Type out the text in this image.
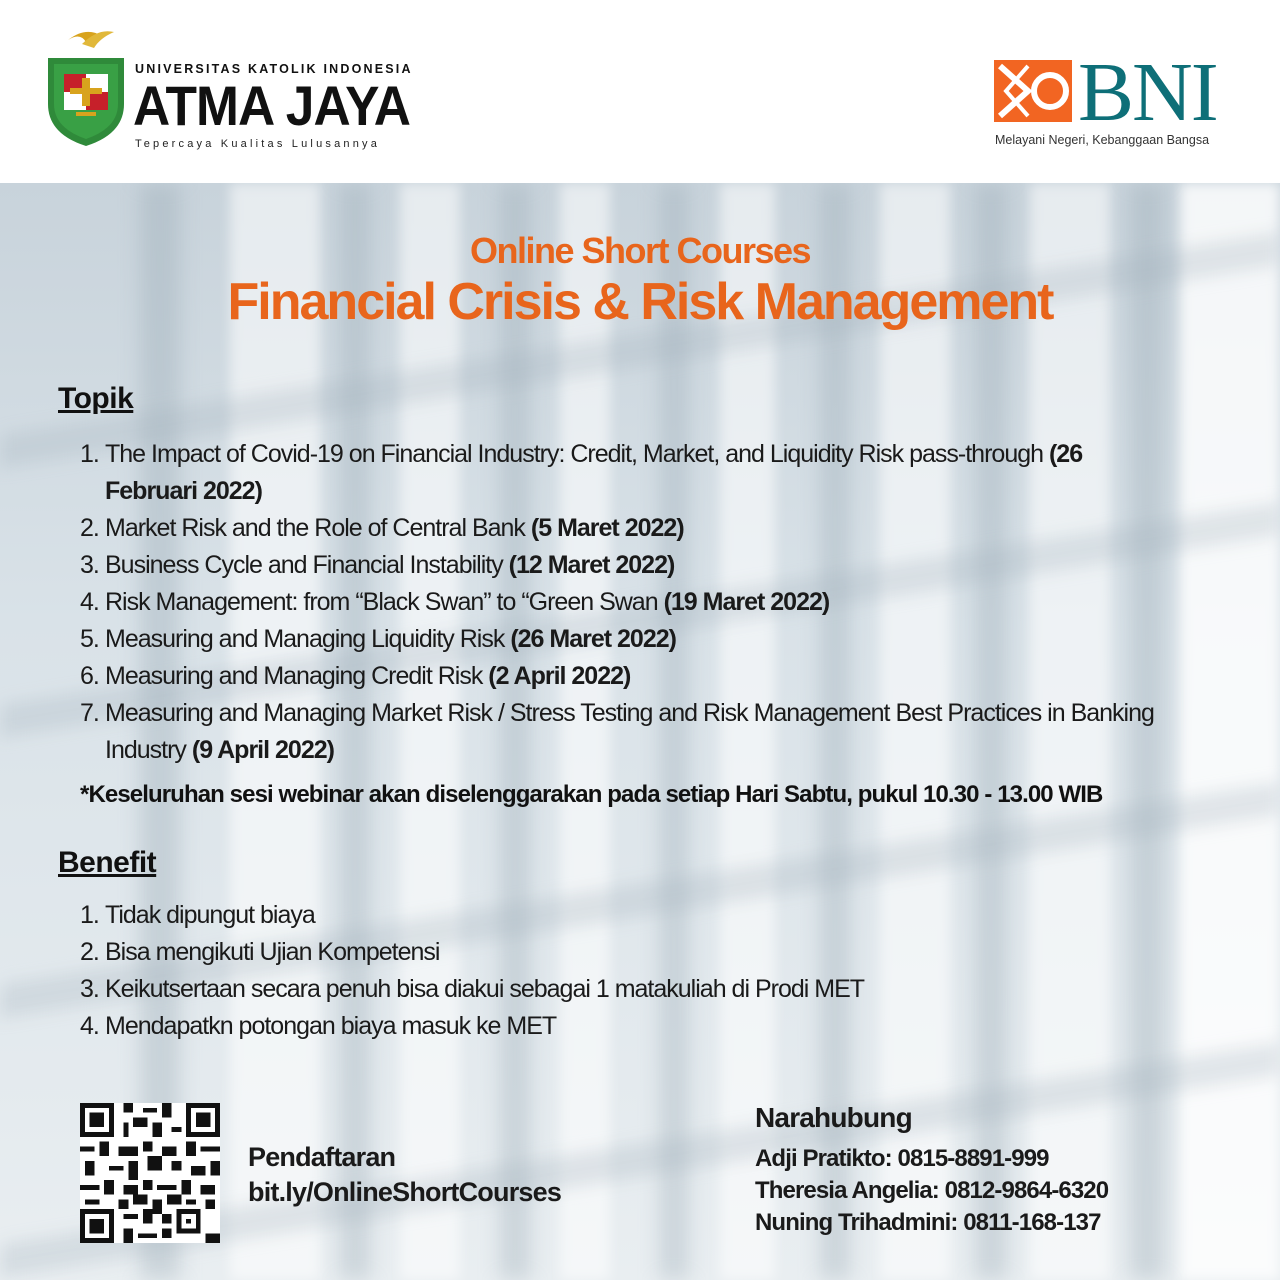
UNIVERSITAS KATOLIK INDONESIA
ATMA JAYA
Tepercaya Kualitas Lulusannya
BNI
Melayani Negeri, Kebanggaan Bangsa
Online Short Courses
Financial Crisis & Risk Management
Topik
1. The Impact of Covid-19 on Financial Industry: Credit, Market, and Liquidity Risk pass-through (26 Februari 2022)
2. Market Risk and the Role of Central Bank (5 Maret 2022)
3. Business Cycle and Financial Instability (12 Maret 2022)
4. Risk Management: from “Black Swan” to “Green Swan (19 Maret 2022)
5. Measuring and Managing Liquidity Risk (26 Maret 2022)
6. Measuring and Managing Credit Risk (2 April 2022)
7. Measuring and Managing Market Risk / Stress Testing and Risk Management Best Practices in Banking Industry (9 April 2022)
*Keseluruhan sesi webinar akan diselenggarakan pada setiap Hari Sabtu, pukul 10.30 - 13.00 WIB
Benefit
1. Tidak dipungut biaya
2. Bisa mengikuti Ujian Kompetensi
3. Keikutsertaan secara penuh bisa diakui sebagai 1 matakuliah di Prodi MET
4. Mendapatkn potongan biaya masuk ke MET
Pendaftaran
bit.ly/OnlineShortCourses
Narahubung
Adji Pratikto: 0815-8891-999
Theresia Angelia: 0812-9864-6320
Nuning Trihadmini: 0811-168-137
